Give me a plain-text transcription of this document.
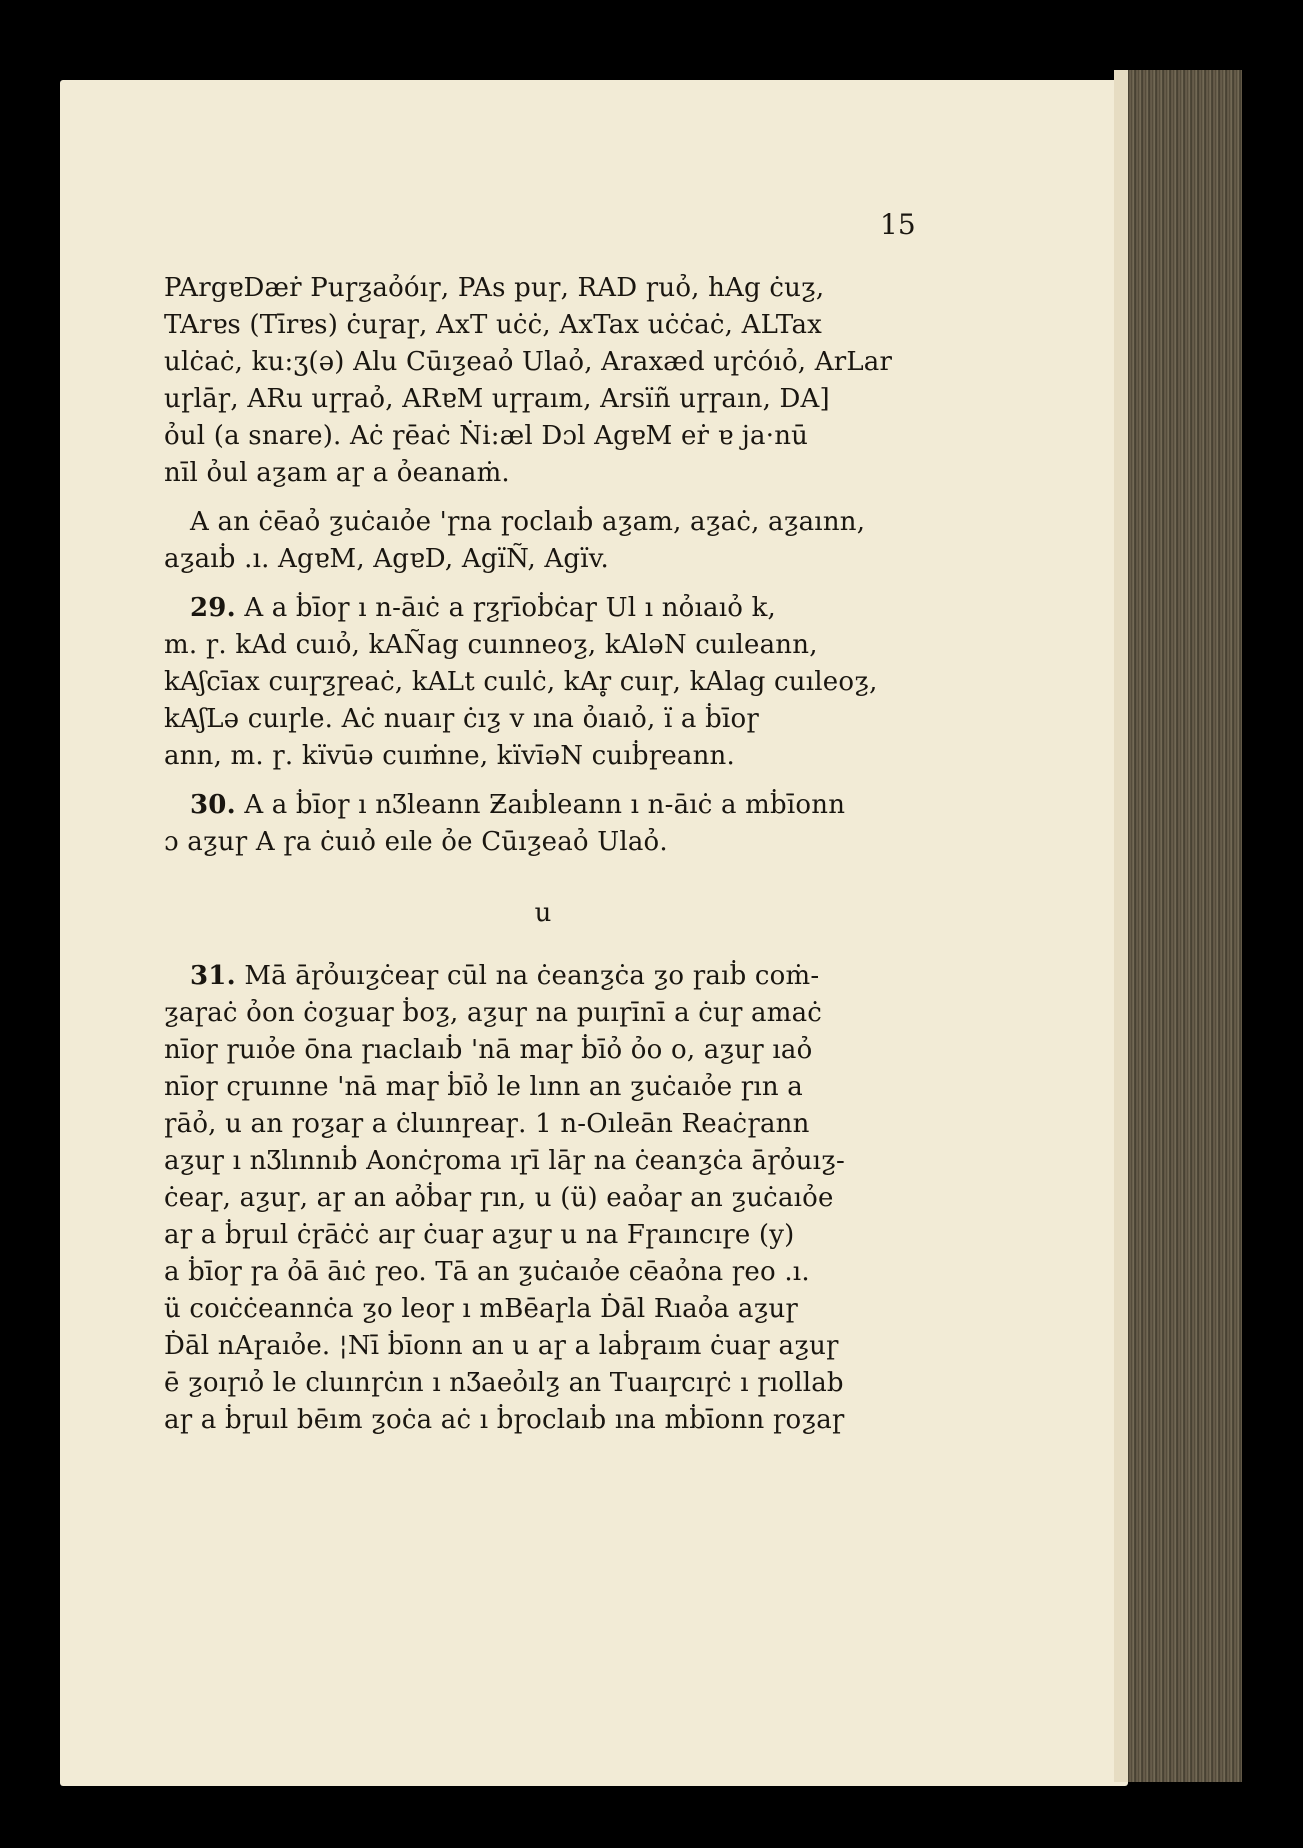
15
PArgɐDæṙ Puɼƺaỏóıɼ, PAs puɼ, RAD ɼuỏ, hAg ċuƺ,
TArɐs (Tīrɐs) ċuɼaɼ, AxT uċċ, AxTax uċċaċ, ALTax
ulċaċ, ku:ʒ(ə) Alu Cūıƺeaỏ Ulaỏ, Araxæd uɼċóıỏ, ArLar
uɼlāɼ, ARu uɼɼaỏ, ARɐM uɼɼaım, Arsïñ uɼɼaın, DA]
ỏul (a snare). Aċ ɼēaċ Ṅi:æl Dɔl AgɐM eṙ ɐ ja·nū
nīl ỏul aƺam aɼ a ỏeanaṁ.
A an ċēaỏ ƺuċaıỏe 'ɼna ɼoclaıḃ aƺam, aƺaċ, aƺaınn,
aƺaıḃ .ı. AgɐM, AgɐD, AgïÑ, Agïv.
29. A a ḃīoɼ ı n-āıċ a ɼƺɼīoḃċaɼ Ul ı nỏıaıỏ k,
m. ɼ. kAd cuıỏ, kAÑag cuınneoƺ, kAləN cuıleann,
kAʃcīax cuıɼƺɼeaċ, kALt cuılċ, kAr̥ cuıɼ, kAlag cuıleoƺ,
kAʃLə cuıɼle. Aċ nuaıɼ ċıƺ v ına ỏıaıỏ, ï a ḃīoɼ
ann, m. ɼ. kïvūə cuıṁne, kïvīəN cuıḃɼeann.
30. A a ḃīoɼ ı nƷleann Ƶaıḃleann ı n-āıċ a mḃīonn
ɔ aƺuɼ A ɼa ċuıỏ eıle ỏe Cūıƺeaỏ Ulaỏ.
u
31. Mā āɼỏuıƺċeaɼ cūl na ċeanƺċa ƺo ɼaıḃ coṁ-
ƺaɼaċ ỏon ċoƺuaɼ ḃoƺ, aƺuɼ na puıɼīnī a ċuɼ amaċ
nīoɼ ɼuıỏe ōna ɼıaclaıḃ 'nā maɼ ḃīỏ ỏo o, aƺuɼ ıaỏ
nīoɼ cɼuınne 'nā maɼ ḃīỏ le lınn an ƺuċaıỏe ɼın a
ɼāỏ, u an ɼoƺaɼ a ċluınɼeaɼ. 1 n-Oıleān Reaċɼann
aƺuɼ ı nƷlınnıḃ Aonċɼoma ıɼī lāɼ na ċeanƺċa āɼỏuıƺ-
ċeaɼ, aƺuɼ, aɼ an aỏḃaɼ ɼın, u (ü) eaỏaɼ an ƺuċaıỏe
aɼ a ḃɼuıl ċɼāċċ aıɼ ċuaɼ aƺuɼ u na Fɼaıncıɼe (y)
a ḃīoɼ ɼa ỏā āıċ ɼeo. Tā an ƺuċaıỏe cēaỏna ɼeo .ı.
ü coıċċeannċa ƺo leoɼ ı mBēaɼla Ḋāl Rıaỏa aƺuɼ
Ḋāl nAɼaıỏe. ¦Nī ḃīonn an u aɼ a laḃɼaım ċuaɼ aƺuɼ
ē ƺoıɼıỏ le cluınɼċın ı nƷaeỏılƺ an Tuaıɼcıɼċ ı ɼıollab
aɼ a ḃɼuıl bēım ƺoċa aċ ı ḃɼoclaıḃ ına mḃīonn ɼoƺaɼ
